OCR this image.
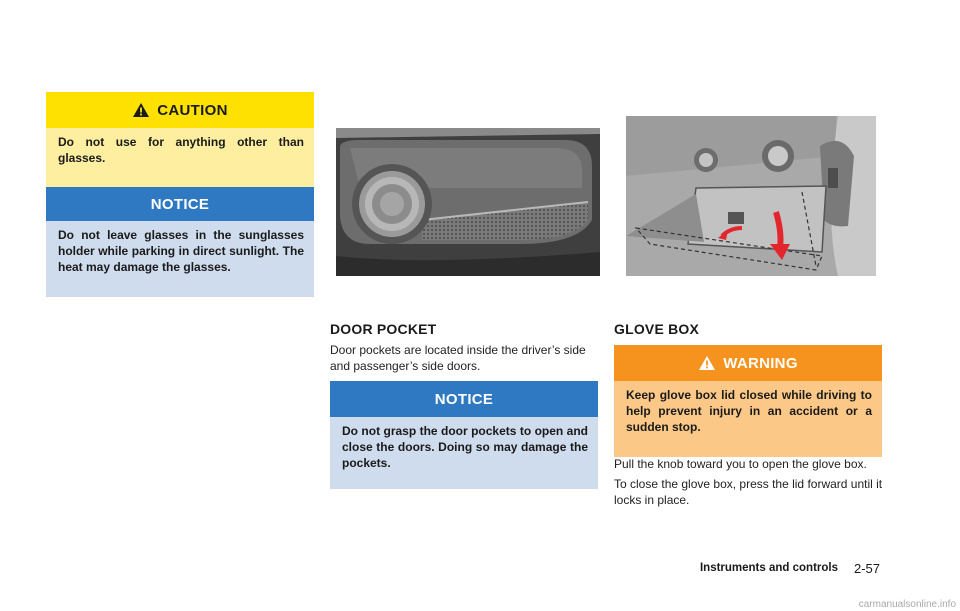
CAUTION
Do not use for anything other than glasses.
NOTICE
Do not leave glasses in the sunglasses holder while parking in direct sunlight. The heat may damage the glasses.
DOOR POCKET
Door pockets are located inside the driver’s side and passenger’s side doors.
NOTICE
Do not grasp the door pockets to open and close the doors. Doing so may damage the pockets.
GLOVE BOX
WARNING
Keep glove box lid closed while driving to help prevent injury in an accident or a sudden stop.
Pull the knob toward you to open the glove box.
To close the glove box, press the lid forward until it locks in place.
Instruments and controls 2-57
carmanualsonline.info
